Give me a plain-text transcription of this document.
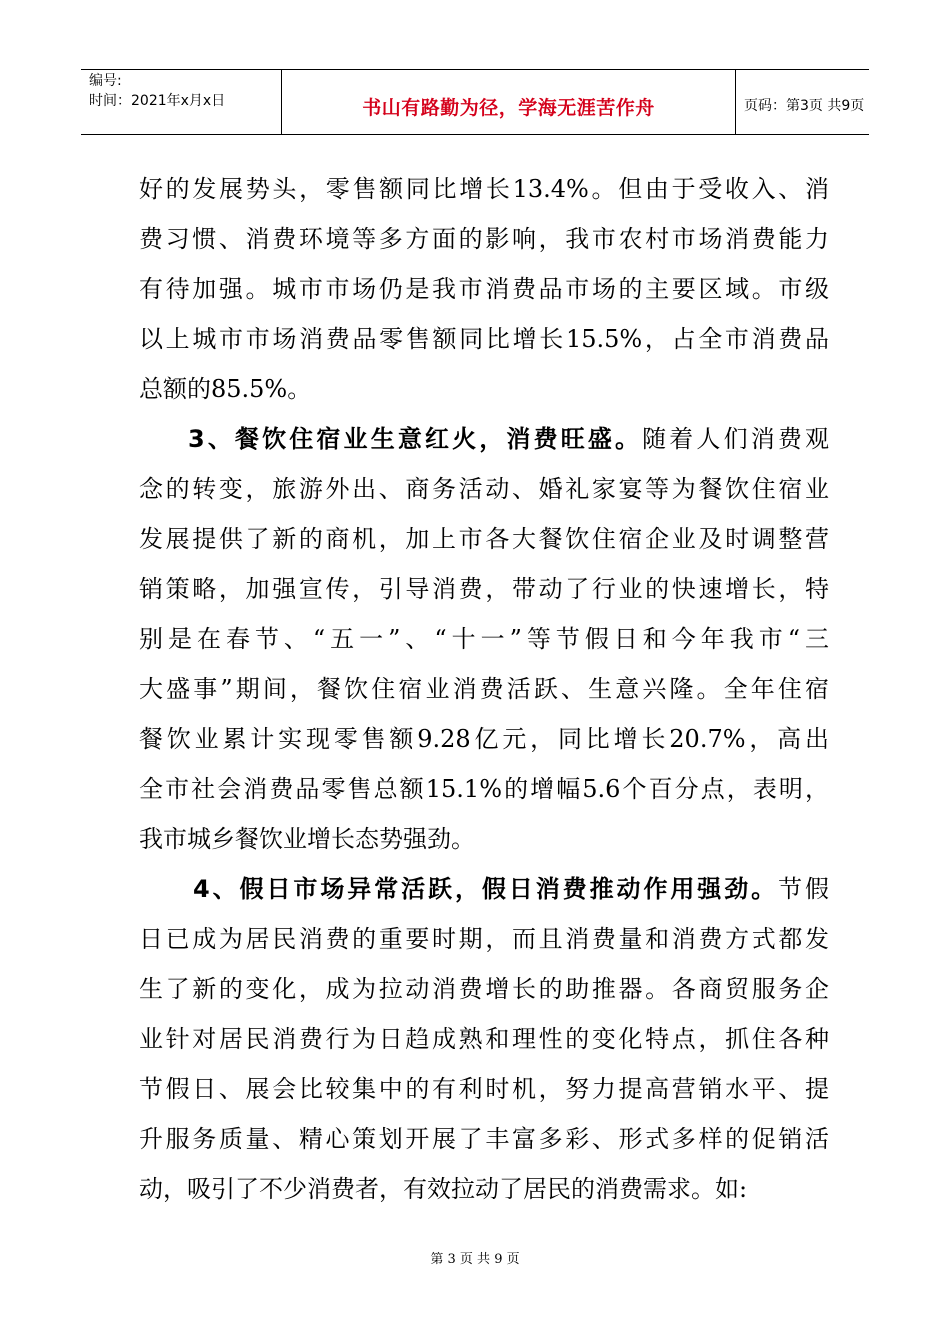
编号:
时间：2021年x月x日	书山有路勤为径，学海无涯苦作舟	页码：第3页 共9页
好的发展势头，零售额同比增长13.4%。但由于受收入、消
费习惯、消费环境等多方面的影响，我市农村市场消费能力
有待加强。城市市场仍是我市消费品市场的主要区域。市级
以上城市市场消费品零售额同比增长15.5%，占全市消费品
总额的85.5%。
3、餐饮住宿业生意红火，消费旺盛。随着人们消费观
念的转变，旅游外出、商务活动、婚礼家宴等为餐饮住宿业
发展提供了新的商机，加上市各大餐饮住宿企业及时调整营
销策略，加强宣传，引导消费，带动了行业的快速增长，特
别是在春节、“五一”、“十一”等节假日和今年我市“三
大盛事”期间，餐饮住宿业消费活跃、生意兴隆。全年住宿
餐饮业累计实现零售额9.28亿元，同比增长20.7%，高出
全市社会消费品零售总额15.1%的增幅5.6个百分点，表明，
我市城乡餐饮业增长态势强劲。
4、假日市场异常活跃，假日消费推动作用强劲。节假
日已成为居民消费的重要时期，而且消费量和消费方式都发
生了新的变化，成为拉动消费增长的助推器。各商贸服务企
业针对居民消费行为日趋成熟和理性的变化特点，抓住各种
节假日、展会比较集中的有利时机，努力提高营销水平、提
升服务质量、精心策划开展了丰富多彩、形式多样的促销活
动，吸引了不少消费者，有效拉动了居民的消费需求。如:
第 3 页 共 9 页
